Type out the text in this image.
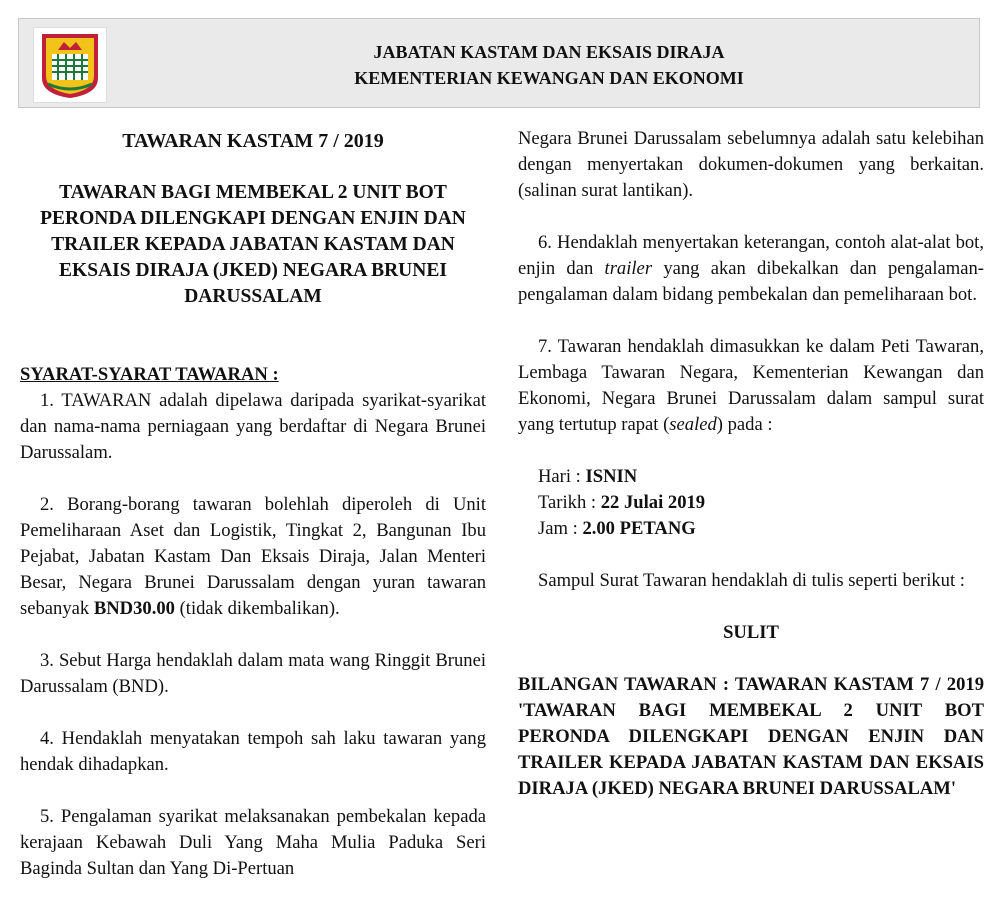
JABATAN KASTAM DAN EKSAIS DIRAJA
KEMENTERIAN KEWANGAN DAN EKONOMI
TAWARAN KASTAM 7 / 2019
TAWARAN BAGI MEMBEKAL 2 UNIT BOT PERONDA DILENGKAPI DENGAN ENJIN DAN TRAILER KEPADA JABATAN KASTAM DAN EKSAIS DIRAJA (JKED) NEGARA BRUNEI DARUSSALAM
SYARAT-SYARAT TAWARAN :

1. TAWARAN adalah dipelawa daripada syarikat-syarikat dan nama-nama perniagaan yang berdaftar di Negara Brunei Darussalam.

2. Borang-borang tawaran bolehlah diperoleh di Unit Pemeliharaan Aset dan Logistik, Tingkat 2, Bangunan Ibu Pejabat, Jabatan Kastam Dan Eksais Diraja, Jalan Menteri Besar, Negara Brunei Darussalam dengan yuran tawaran sebanyak BND30.00 (tidak dikembalikan).

3. Sebut Harga hendaklah dalam mata wang Ringgit Brunei Darussalam (BND).

4. Hendaklah menyatakan tempoh sah laku tawaran yang hendak dihadapkan.

5. Pengalaman syarikat melaksanakan pembekalan kepada kerajaan Kebawah Duli Yang Maha Mulia Paduka Seri Baginda Sultan dan Yang Di-Pertuan

Negara Brunei Darussalam sebelumnya adalah satu kelebihan dengan menyertakan dokumen-dokumen yang berkaitan. (salinan surat lantikan).

6. Hendaklah menyertakan keterangan, contoh alat-alat bot, enjin dan trailer yang akan dibekalkan dan pengalaman-pengalaman dalam bidang pembekalan dan pemeliharaan bot.

7. Tawaran hendaklah dimasukkan ke dalam Peti Tawaran, Lembaga Tawaran Negara, Kementerian Kewangan dan Ekonomi, Negara Brunei Darussalam dalam sampul surat yang tertutup rapat (sealed) pada :

Hari : ISNIN
Tarikh : 22 Julai 2019
Jam : 2.00 PETANG

Sampul Surat Tawaran hendaklah di tulis seperti berikut :

SULIT

BILANGAN TAWARAN : TAWARAN KASTAM 7 / 2019 'TAWARAN BAGI MEMBEKAL 2 UNIT BOT PERONDA DILENGKAPI DENGAN ENJIN DAN TRAILER KEPADA JABATAN KASTAM DAN EKSAIS DIRAJA (JKED) NEGARA BRUNEI DARUSSALAM'
